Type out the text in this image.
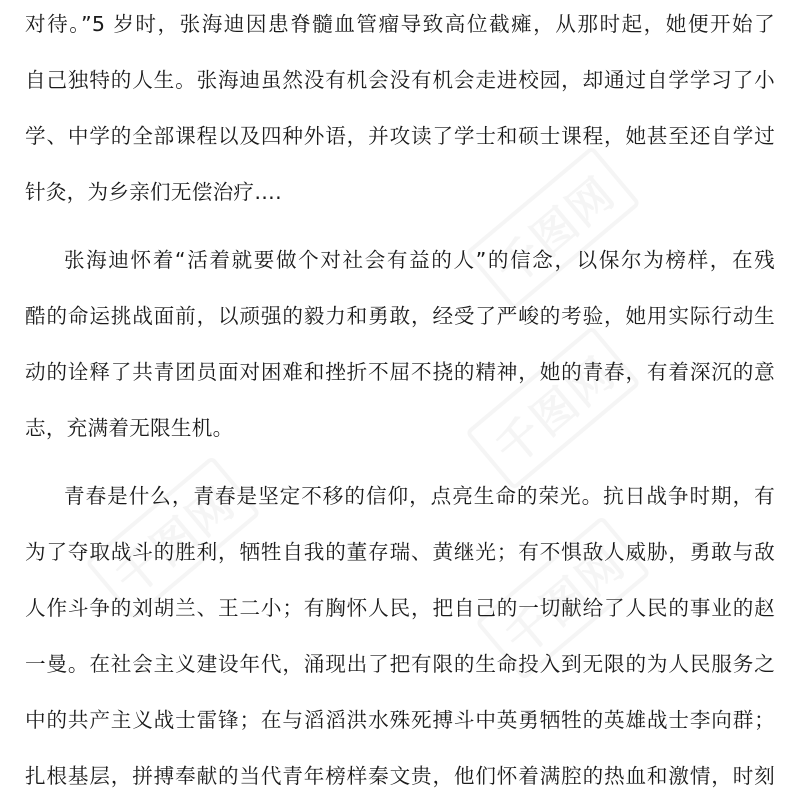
千图网
千图网
千图网	千图网
对待。”5 岁时，张海迪因患脊髓血管瘤导致高位截瘫，从那时起，她便开始了
自己独特的人生。张海迪虽然没有机会没有机会走进校园，却通过自学学习了小
学、中学的全部课程以及四种外语，并攻读了学士和硕士课程，她甚至还自学过
针灸，为乡亲们无偿治疗….
张海迪怀着“活着就要做个对社会有益的人”的信念，以保尔为榜样，在残
酷的命运挑战面前，以顽强的毅力和勇敢，经受了严峻的考验，她用实际行动生
动的诠释了共青团员面对困难和挫折不屈不挠的精神，她的青春，有着深沉的意
志，充满着无限生机。
青春是什么，青春是坚定不移的信仰，点亮生命的荣光。抗日战争时期，有
为了夺取战斗的胜利，牺牲自我的董存瑞、黄继光；有不惧敌人威胁，勇敢与敌
人作斗争的刘胡兰、王二小；有胸怀人民，把自己的一切献给了人民的事业的赵
一曼。在社会主义建设年代，涌现出了把有限的生命投入到无限的为人民服务之
中的共产主义战士雷锋；在与滔滔洪水殊死搏斗中英勇牺牲的英雄战士李向群；
扎根基层，拼搏奉献的当代青年榜样秦文贵，他们怀着满腔的热血和激情，时刻
